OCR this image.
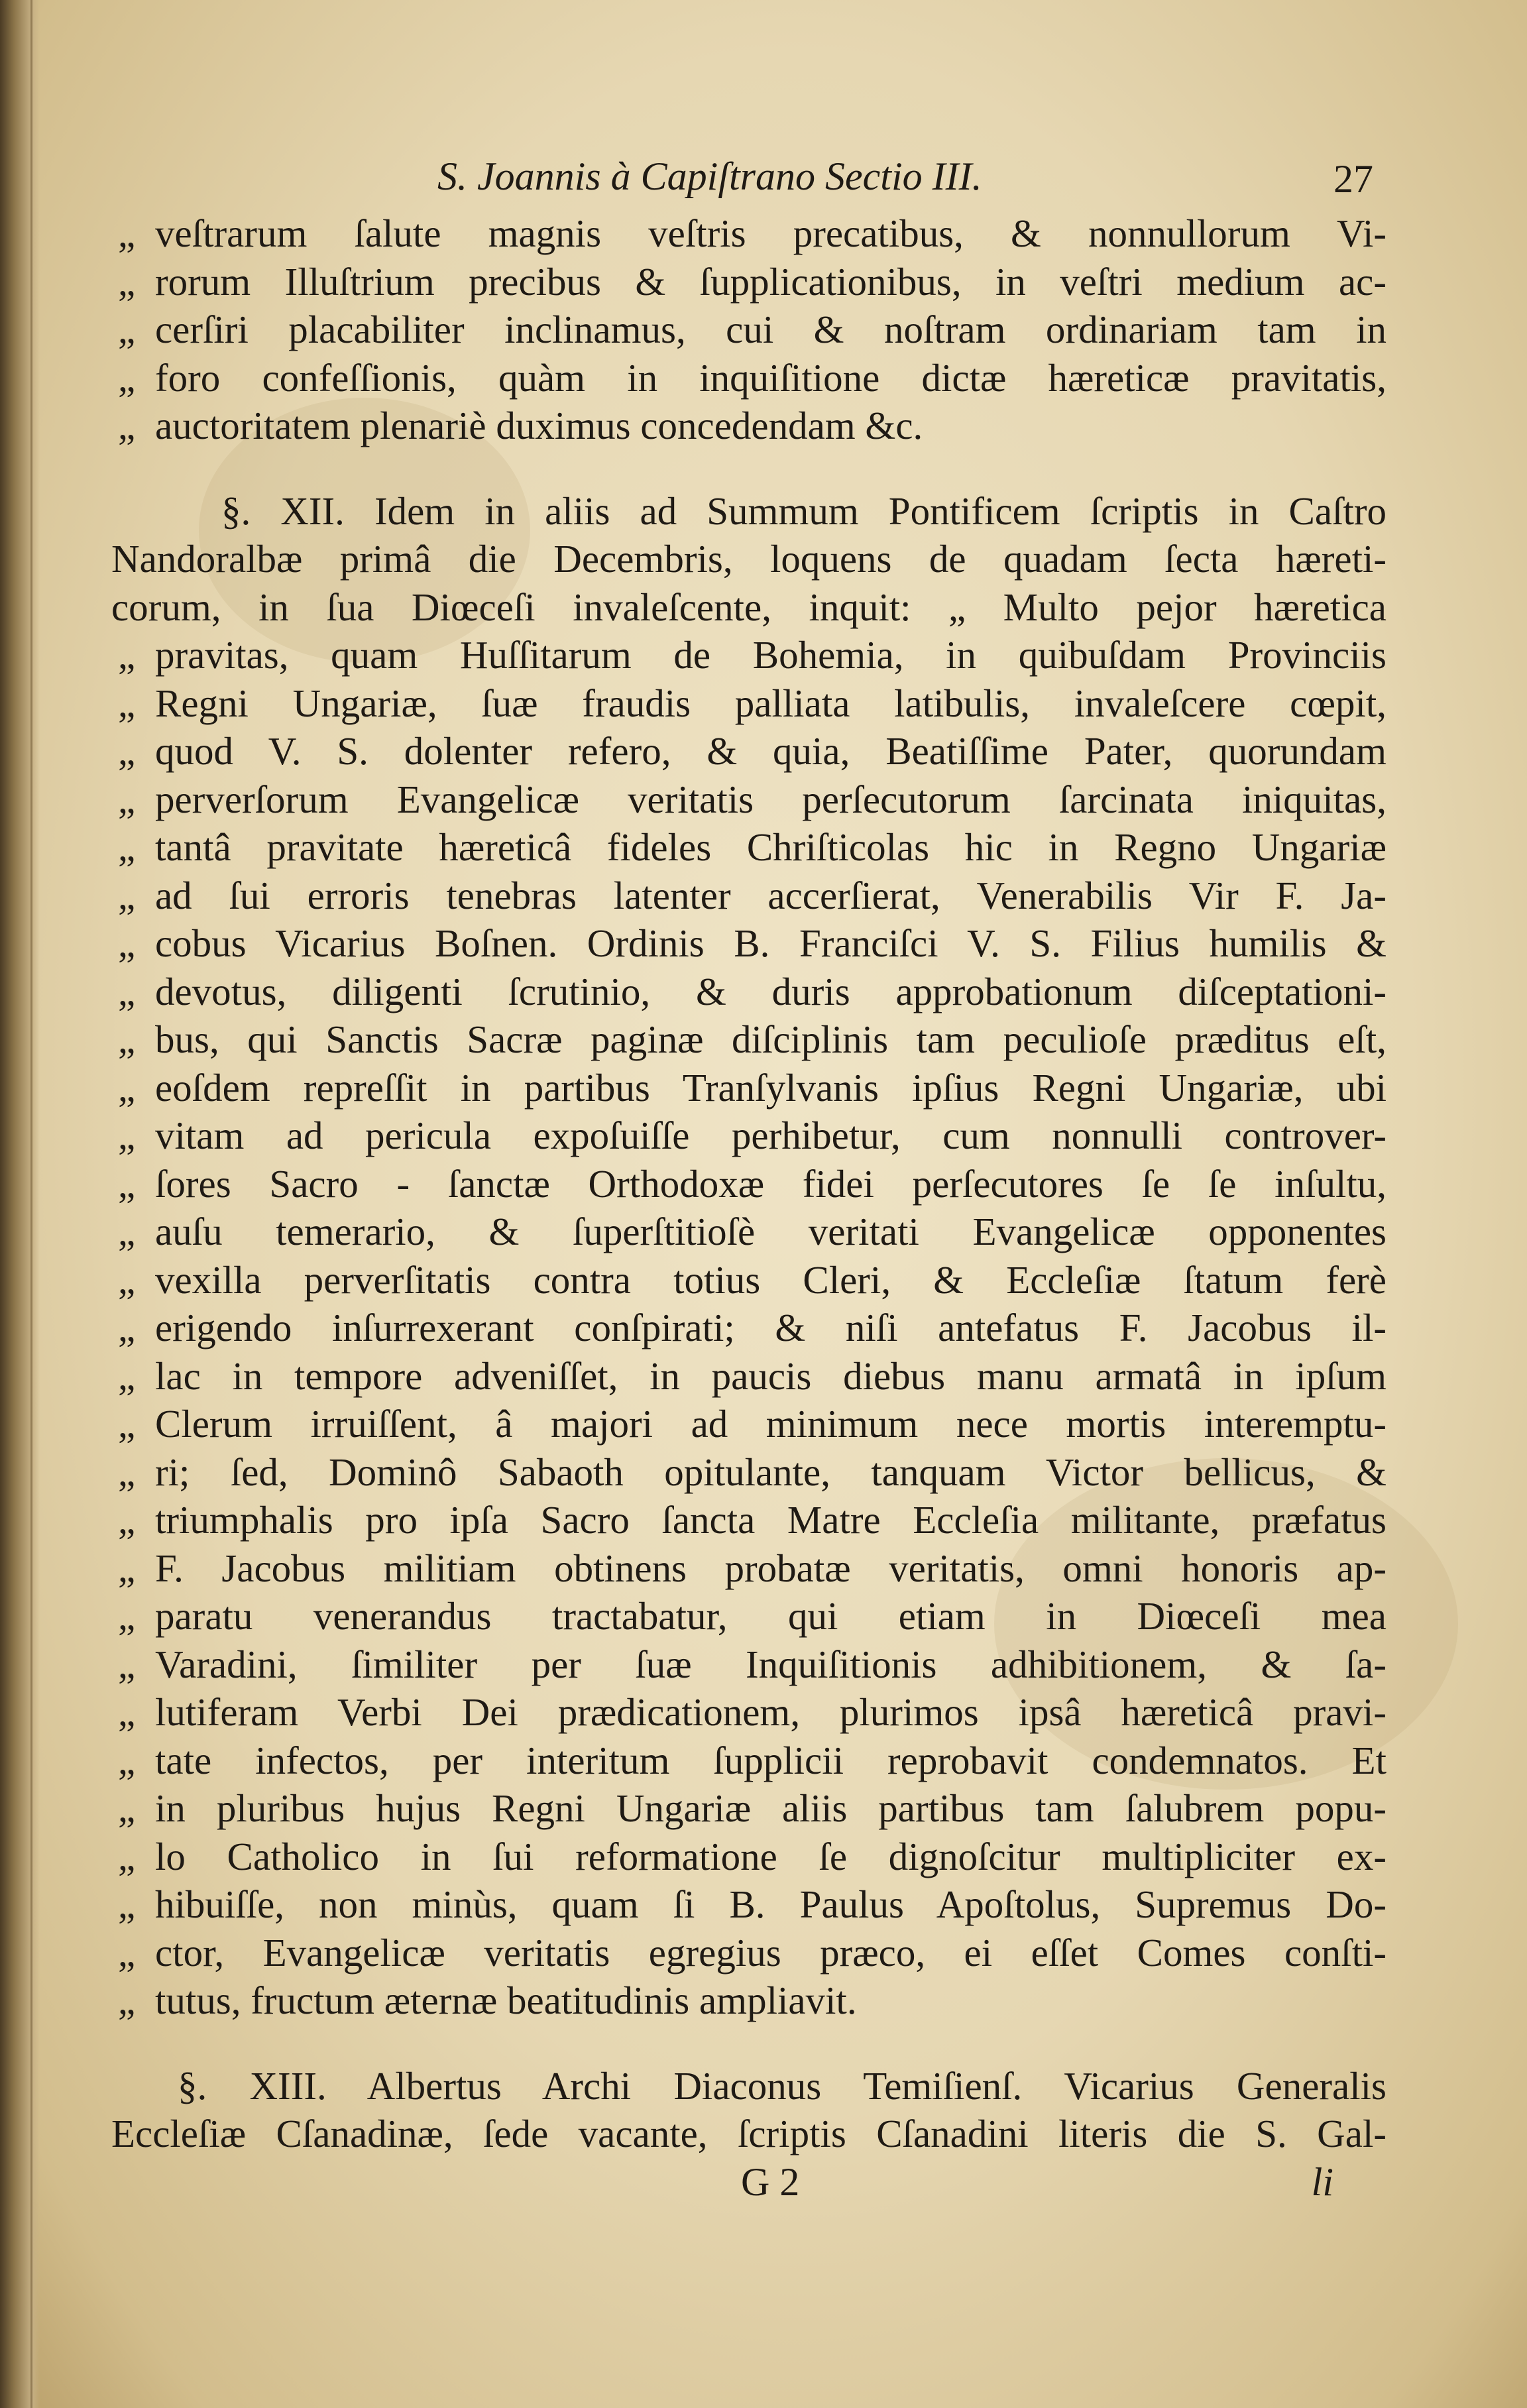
S. Joannis à Capiſtrano Sectio III.	27
„ veſtrarum ſalute magnis veſtris precatibus, & nonnullorum Vi-
„ rorum Illuſtrium precibus & ſupplicationibus, in veſtri medium ac-
„ cerſiri placabiliter inclinamus, cui & noſtram ordinariam tam in
„ foro confeſſionis, quàm in inquiſitione dictæ hæreticæ pravitatis,
„ auctoritatem plenariè duximus concedendam &c.
§. XII. Idem in aliis ad Summum Pontificem ſcriptis in Caſtro
Nandoralbæ primâ die Decembris, loquens de quadam ſecta hæreti-
corum, in ſua Diœceſi invaleſcente, inquit: „ Multo pejor hæretica
„ pravitas, quam Huſſitarum de Bohemia, in quibuſdam Provinciis
„ Regni Ungariæ, ſuæ fraudis palliata latibulis, invaleſcere cœpit,
„ quod V. S. dolenter refero, & quia, Beatiſſime Pater, quorundam
„ perverſorum Evangelicæ veritatis perſecutorum ſarcinata iniquitas,
„ tantâ pravitate hæreticâ fideles Chriſticolas hic in Regno Ungariæ
„ ad ſui erroris tenebras latenter accerſierat, Venerabilis Vir F. Ja-
„ cobus Vicarius Boſnen. Ordinis B. Franciſci V. S. Filius humilis &
„ devotus, diligenti ſcrutinio, & duris approbationum diſceptationi-
„ bus, qui Sanctis Sacræ paginæ diſciplinis tam peculioſe præditus eſt,
„ eoſdem repreſſit in partibus Tranſylvanis ipſius Regni Ungariæ, ubi
„ vitam ad pericula expoſuiſſe perhibetur, cum nonnulli controver-
„ ſores Sacro - ſanctæ Orthodoxæ fidei perſecutores ſe ſe inſultu,
„ auſu temerario, & ſuperſtitioſè veritati Evangelicæ opponentes
„ vexilla perverſitatis contra totius Cleri, & Eccleſiæ ſtatum ferè
„ erigendo inſurrexerant conſpirati; & niſi antefatus F. Jacobus il-
„ lac in tempore adveniſſet, in paucis diebus manu armatâ in ipſum
„ Clerum irruiſſent, â majori ad minimum nece mortis interemptu-
„ ri; ſed, Dominô Sabaoth opitulante, tanquam Victor bellicus, &
„ triumphalis pro ipſa Sacro ſancta Matre Eccleſia militante, præfatus
„ F. Jacobus militiam obtinens probatæ veritatis, omni honoris ap-
„ paratu venerandus tractabatur, qui etiam in Diœceſi mea
„ Varadini, ſimiliter per ſuæ Inquiſitionis adhibitionem, & ſa-
„ lutiferam Verbi Dei prædicationem, plurimos ipsâ hæreticâ pravi-
„ tate infectos, per interitum ſupplicii reprobavit condemnatos. Et
„ in pluribus hujus Regni Ungariæ aliis partibus tam ſalubrem popu-
„ lo Catholico in ſui reformatione ſe dignoſcitur multipliciter ex-
„ hibuiſſe, non minùs, quam ſi B. Paulus Apoſtolus, Supremus Do-
„ ctor, Evangelicæ veritatis egregius præco, ei eſſet Comes conſti-
„ tutus, fructum æternæ beatitudinis ampliavit.
§. XIII. Albertus Archi Diaconus Temiſienſ. Vicarius Generalis
Eccleſiæ Cſanadinæ, ſede vacante, ſcriptis Cſanadini literis die S. Gal-
G 2	li
